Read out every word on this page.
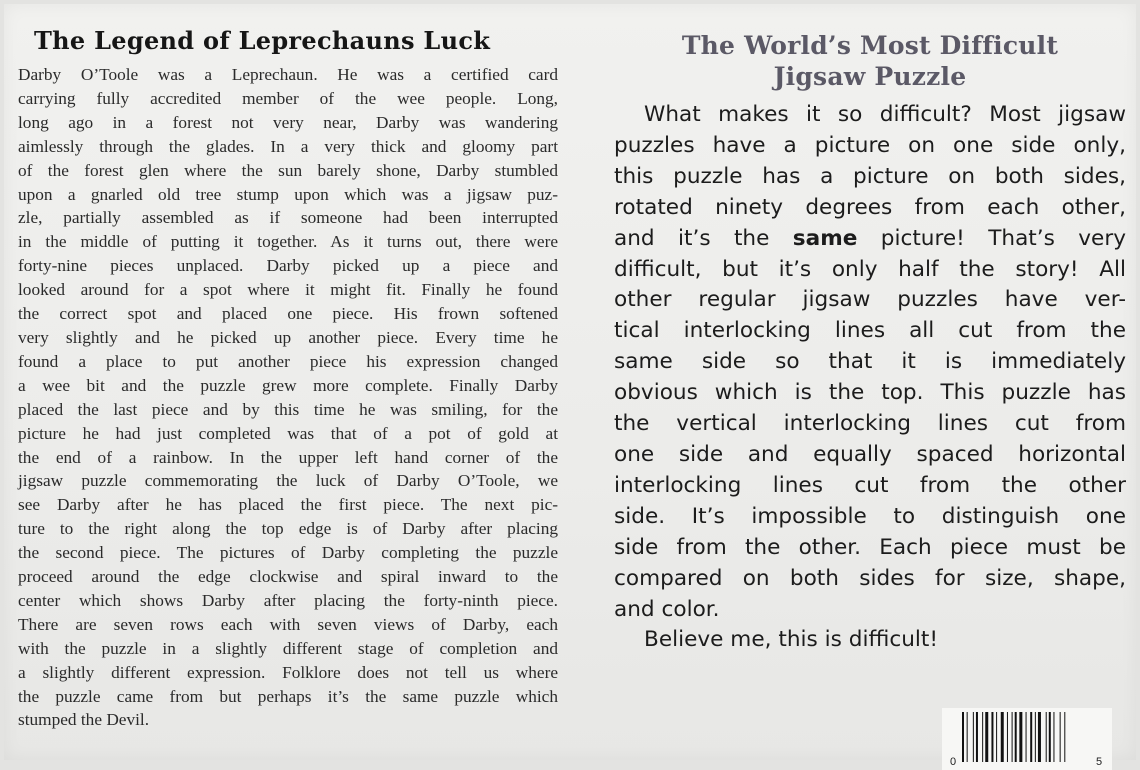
The Legend of Leprechauns Luck
Darby O’Toole was a Leprechaun. He was a certified card
carrying fully accredited member of the wee people. Long,
long ago in a forest not very near, Darby was wandering
aimlessly through the glades. In a very thick and gloomy part
of the forest glen where the sun barely shone, Darby stumbled
upon a gnarled old tree stump upon which was a jigsaw puz-
zle, partially assembled as if someone had been interrupted
in the middle of putting it together. As it turns out, there were
forty-nine pieces unplaced. Darby picked up a piece and
looked around for a spot where it might fit. Finally he found
the correct spot and placed one piece. His frown softened
very slightly and he picked up another piece. Every time he
found a place to put another piece his expression changed
a wee bit and the puzzle grew more complete. Finally Darby
placed the last piece and by this time he was smiling, for the
picture he had just completed was that of a pot of gold at
the end of a rainbow. In the upper left hand corner of the
jigsaw puzzle commemorating the luck of Darby O’Toole, we
see Darby after he has placed the first piece. The next pic-
ture to the right along the top edge is of Darby after placing
the second piece. The pictures of Darby completing the puzzle
proceed around the edge clockwise and spiral inward to the
center which shows Darby after placing the forty-ninth piece.
There are seven rows each with seven views of Darby, each
with the puzzle in a slightly different stage of completion and
a slightly different expression. Folklore does not tell us where
the puzzle came from but perhaps it’s the same puzzle which
stumped the Devil.
The World’s Most Difficult
Jigsaw Puzzle
What makes it so difficult? Most jigsaw
puzzles have a picture on one side only,
this puzzle has a picture on both sides,
rotated ninety degrees from each other,
and it’s the same picture! That’s very
difficult, but it’s only half the story! All
other regular jigsaw puzzles have ver-
tical interlocking lines all cut from the
same side so that it is immediately
obvious which is the top. This puzzle has
the vertical interlocking lines cut from
one side and equally spaced horizontal
interlocking lines cut from the other
side. It’s impossible to distinguish one
side from the other. Each piece must be
compared on both sides for size, shape,
and color.
Believe me, this is difficult!
0	5
